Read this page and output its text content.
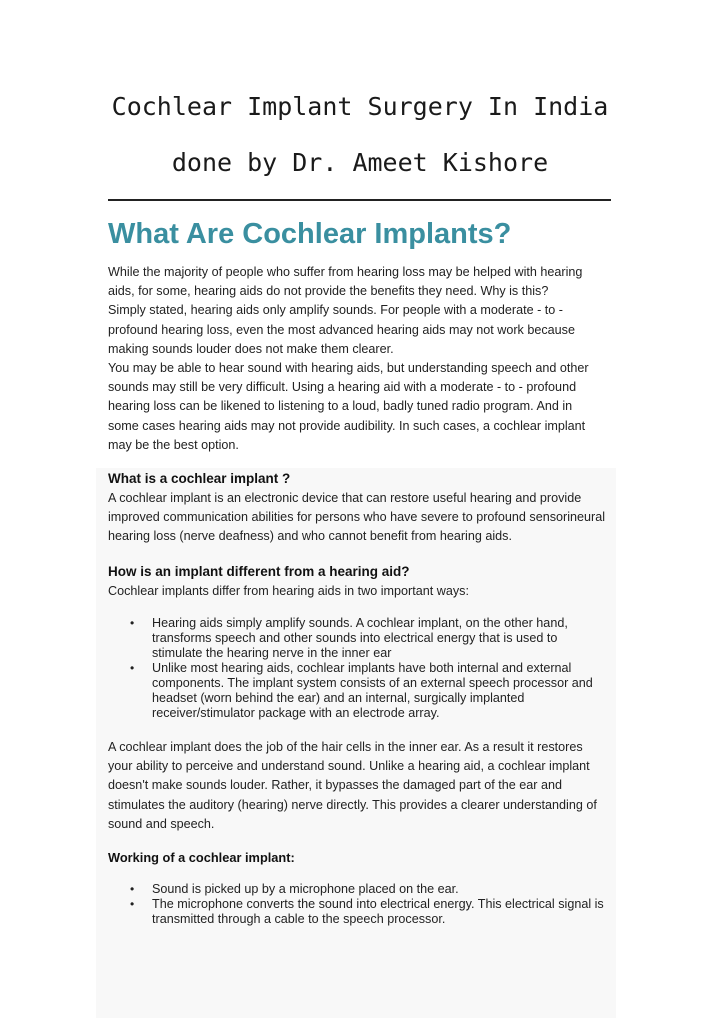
Cochlear Implant Surgery In India
done by Dr. Ameet Kishore
What Are Cochlear Implants?

While the majority of people who suffer from hearing loss may be helped with hearing
aids, for some, hearing aids do not provide the benefits they need. Why is this?
Simply stated, hearing aids only amplify sounds. For people with a moderate - to -
profound hearing loss, even the most advanced hearing aids may not work because
making sounds louder does not make them clearer.
You may be able to hear sound with hearing aids, but understanding speech and other
sounds may still be very difficult. Using a hearing aid with a moderate - to - profound
hearing loss can be likened to listening to a loud, badly tuned radio program. And in
some cases hearing aids may not provide audibility. In such cases, a cochlear implant
may be the best option.

What is a cochlear implant ?

A cochlear implant is an electronic device that can restore useful hearing and provide
improved communication abilities for persons who have severe to profound sensorineural
hearing loss (nerve deafness) and who cannot benefit from hearing aids.

How is an implant different from a hearing aid?

Cochlear implants differ from hearing aids in two important ways:

• Hearing aids simply amplify sounds. A cochlear implant, on the other hand,
transforms speech and other sounds into electrical energy that is used to
stimulate the hearing nerve in the inner ear
• Unlike most hearing aids, cochlear implants have both internal and external
components. The implant system consists of an external speech processor and
headset (worn behind the ear) and an internal, surgically implanted
receiver/stimulator package with an electrode array.

A cochlear implant does the job of the hair cells in the inner ear. As a result it restores
your ability to perceive and understand sound. Unlike a hearing aid, a cochlear implant
doesn't make sounds louder. Rather, it bypasses the damaged part of the ear and
stimulates the auditory (hearing) nerve directly. This provides a clearer understanding of
sound and speech.

Working of a cochlear implant:
• Sound is picked up by a microphone placed on the ear.
• The microphone converts the sound into electrical energy. This electrical signal is
transmitted through a cable to the speech processor.
